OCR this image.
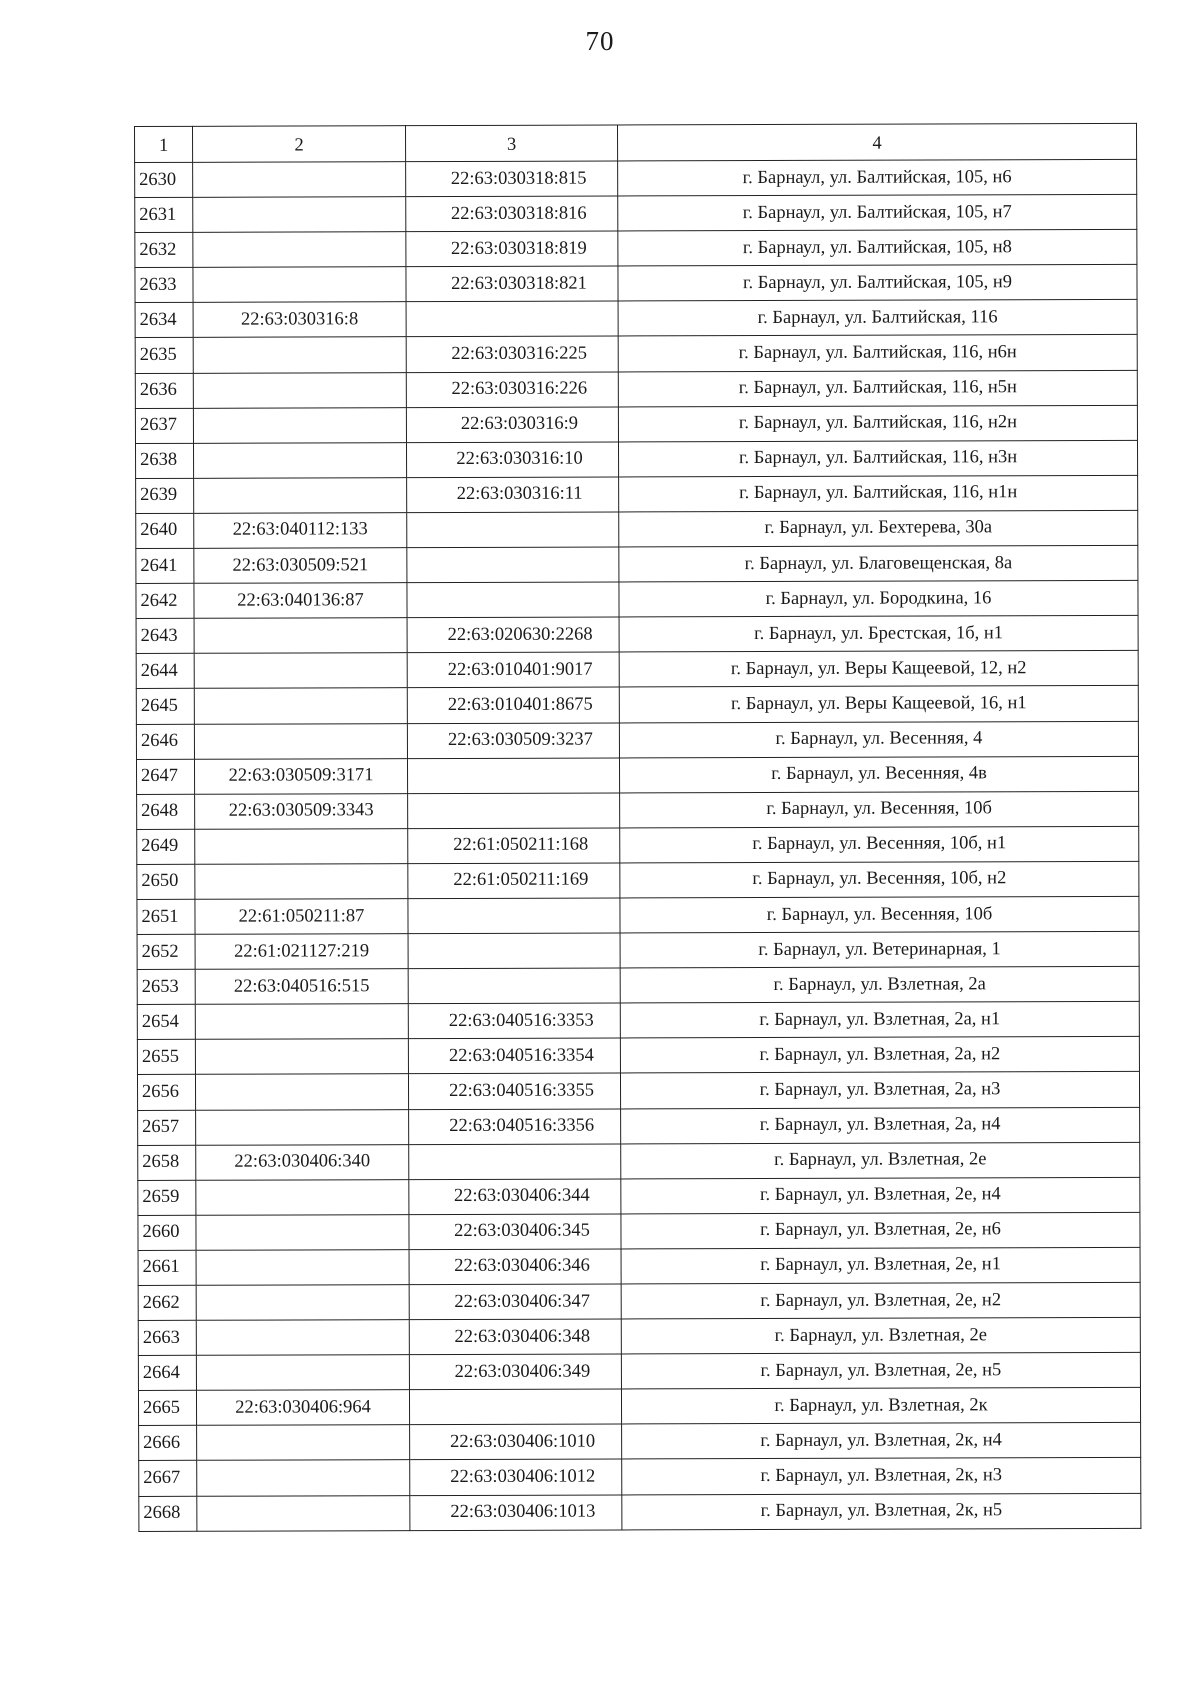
70
1	2	3	4
2630		22:63:030318:815	г. Барнаул, ул. Балтийская, 105, н6
2631		22:63:030318:816	г. Барнаул, ул. Балтийская, 105, н7
2632		22:63:030318:819	г. Барнаул, ул. Балтийская, 105, н8
2633		22:63:030318:821	г. Барнаул, ул. Балтийская, 105, н9
2634	22:63:030316:8		г. Барнаул, ул. Балтийская, 116
2635		22:63:030316:225	г. Барнаул, ул. Балтийская, 116, н6н
2636		22:63:030316:226	г. Барнаул, ул. Балтийская, 116, н5н
2637		22:63:030316:9	г. Барнаул, ул. Балтийская, 116, н2н
2638		22:63:030316:10	г. Барнаул, ул. Балтийская, 116, н3н
2639		22:63:030316:11	г. Барнаул, ул. Балтийская, 116, н1н
2640	22:63:040112:133		г. Барнаул, ул. Бехтерева, 30а
2641	22:63:030509:521		г. Барнаул, ул. Благовещенская, 8а
2642	22:63:040136:87		г. Барнаул, ул. Бородкина, 16
2643		22:63:020630:2268	г. Барнаул, ул. Брестская, 1б, н1
2644		22:63:010401:9017	г. Барнаул, ул. Веры Кащеевой, 12, н2
2645		22:63:010401:8675	г. Барнаул, ул. Веры Кащеевой, 16, н1
2646		22:63:030509:3237	г. Барнаул, ул. Весенняя, 4
2647	22:63:030509:3171		г. Барнаул, ул. Весенняя, 4в
2648	22:63:030509:3343		г. Барнаул, ул. Весенняя, 10б
2649		22:61:050211:168	г. Барнаул, ул. Весенняя, 10б, н1
2650		22:61:050211:169	г. Барнаул, ул. Весенняя, 10б, н2
2651	22:61:050211:87		г. Барнаул, ул. Весенняя, 10б
2652	22:61:021127:219		г. Барнаул, ул. Ветеринарная, 1
2653	22:63:040516:515		г. Барнаул, ул. Взлетная, 2а
2654		22:63:040516:3353	г. Барнаул, ул. Взлетная, 2а, н1
2655		22:63:040516:3354	г. Барнаул, ул. Взлетная, 2а, н2
2656		22:63:040516:3355	г. Барнаул, ул. Взлетная, 2а, н3
2657		22:63:040516:3356	г. Барнаул, ул. Взлетная, 2а, н4
2658	22:63:030406:340		г. Барнаул, ул. Взлетная, 2е
2659		22:63:030406:344	г. Барнаул, ул. Взлетная, 2е, н4
2660		22:63:030406:345	г. Барнаул, ул. Взлетная, 2е, н6
2661		22:63:030406:346	г. Барнаул, ул. Взлетная, 2е, н1
2662		22:63:030406:347	г. Барнаул, ул. Взлетная, 2е, н2
2663		22:63:030406:348	г. Барнаул, ул. Взлетная, 2е
2664		22:63:030406:349	г. Барнаул, ул. Взлетная, 2е, н5
2665	22:63:030406:964		г. Барнаул, ул. Взлетная, 2к
2666		22:63:030406:1010	г. Барнаул, ул. Взлетная, 2к, н4
2667		22:63:030406:1012	г. Барнаул, ул. Взлетная, 2к, н3
2668		22:63:030406:1013	г. Барнаул, ул. Взлетная, 2к, н5
